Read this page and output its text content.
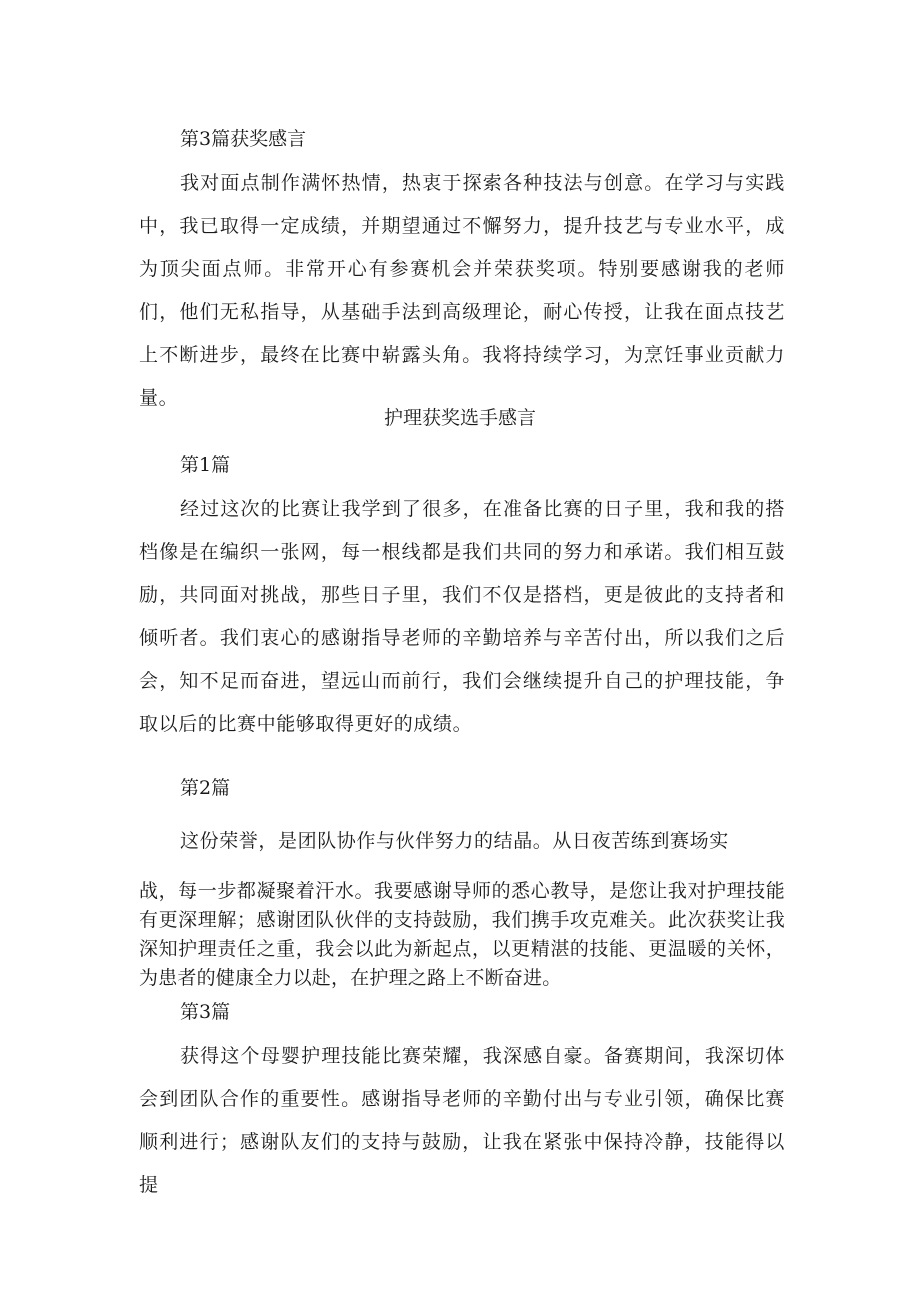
第3篇获奖感言

我对面点制作满怀热情，热衷于探索各种技法与创意。在学习与实践中，我已取得一定成绩，并期望通过不懈努力，提升技艺与专业水平，成为顶尖面点师。非常开心有参赛机会并荣获奖项。特别要感谢我的老师们，他们无私指导，从基础手法到高级理论，耐心传授，让我在面点技艺上不断进步，最终在比赛中崭露头角。我将持续学习，为烹饪事业贡献力量。

护理获奖选手感言

第1篇

经过这次的比赛让我学到了很多，在准备比赛的日子里，我和我的搭档像是在编织一张网，每一根线都是我们共同的努力和承诺。我们相互鼓励，共同面对挑战，那些日子里，我们不仅是搭档，更是彼此的支持者和倾听者。我们衷心的感谢指导老师的辛勤培养与辛苦付出，所以我们之后会，知不足而奋进，望远山而前行，我们会继续提升自己的护理技能，争取以后的比赛中能够取得更好的成绩。

第2篇

这份荣誉，是团队协作与伙伴努力的结晶。从日夜苦练到赛场实

战，每一步都凝聚着汗水。我要感谢导师的悉心教导，是您让我对护理技能有更深理解；感谢团队伙伴的支持鼓励，我们携手攻克难关。此次获奖让我深知护理责任之重，我会以此为新起点，以更精湛的技能、更温暖的关怀，为患者的健康全力以赴，在护理之路上不断奋进。

第3篇

获得这个母婴护理技能比赛荣耀，我深感自豪。备赛期间，我深切体会到团队合作的重要性。感谢指导老师的辛勤付出与专业引领，确保比赛顺利进行；感谢队友们的支持与鼓励，让我在紧张中保持冷静，技能得以提
